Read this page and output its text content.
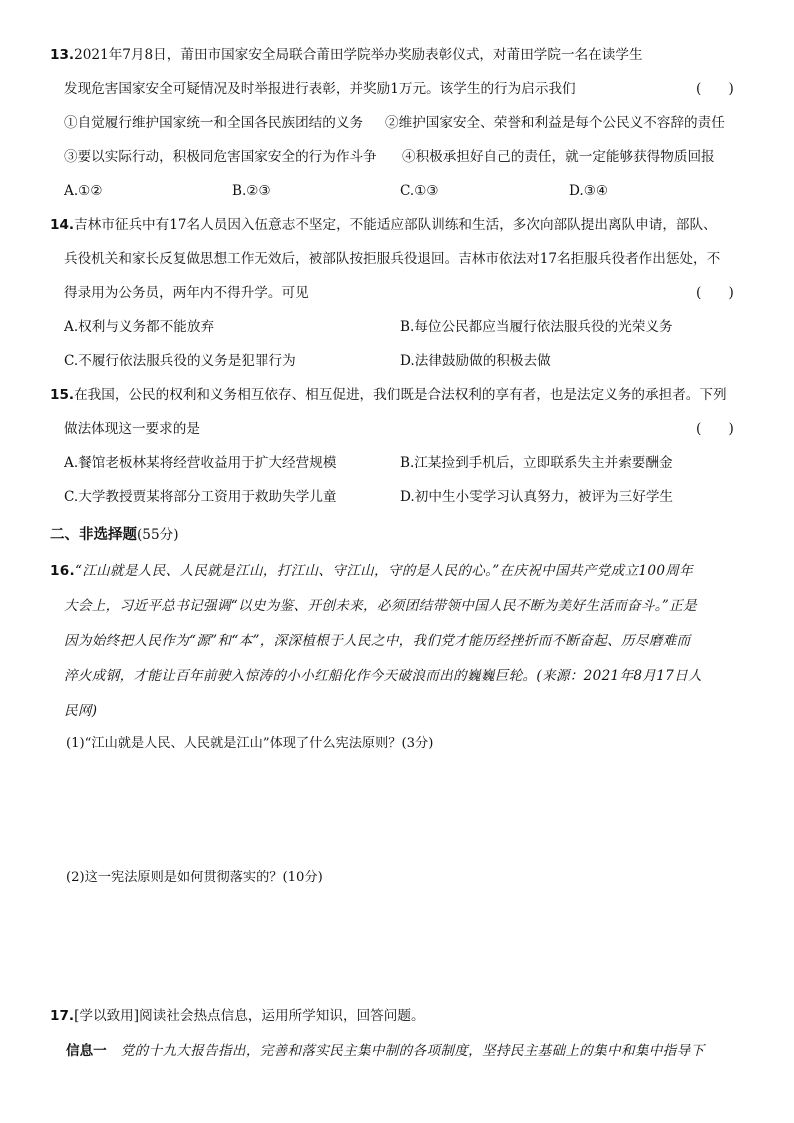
13.2021年7月8日，莆田市国家安全局联合莆田学院举办奖励表彰仪式，对莆田学院一名在读学生
发现危害国家安全可疑情况及时举报进行表彰，并奖励1万元。该学生的行为启示我们	(　　)
①自觉履行维护国家统一和全国各民族团结的义务 ②维护国家安全、荣誉和利益是每个公民义不容辞的责任
③要以实际行动，积极同危害国家安全的行为作斗争 ④积极承担好自己的责任，就一定能够获得物质回报
A.①②	B.②③	C.①③	D.③④
14.吉林市征兵中有17名人员因入伍意志不坚定，不能适应部队训练和生活，多次向部队提出离队申请，部队、
兵役机关和家长反复做思想工作无效后，被部队按拒服兵役退回。吉林市依法对17名拒服兵役者作出惩处，不
得录用为公务员，两年内不得升学。可见	(　　)
A.权利与义务都不能放弃	B.每位公民都应当履行依法服兵役的光荣义务
C.不履行依法服兵役的义务是犯罪行为	D.法律鼓励做的积极去做
15.在我国，公民的权利和义务相互依存、相互促进，我们既是合法权利的享有者，也是法定义务的承担者。下列
做法体现这一要求的是	(　　)
A.餐馆老板林某将经营收益用于扩大经营规模	B.江某捡到手机后，立即联系失主并索要酬金
C.大学教授贾某将部分工资用于救助失学儿童	D.初中生小雯学习认真努力，被评为三好学生
二、非选择题(55分)
16.“江山就是人民、人民就是江山，打江山、守江山，守的是人民的心。”在庆祝中国共产党成立100周年
大会上，习近平总书记强调“以史为鉴、开创未来，必须团结带领中国人民不断为美好生活而奋斗。”正是
因为始终把人民作为“源”和“本”，深深植根于人民之中，我们党才能历经挫折而不断奋起、历尽磨难而
淬火成钢，才能让百年前驶入惊涛的小小红船化作今天破浪而出的巍巍巨轮。(来源：2021年8月17日人
民网)
(1)“江山就是人民、人民就是江山”体现了什么宪法原则？(3分)
(2)这一宪法原则是如何贯彻落实的？(10分)
17.[学以致用]阅读社会热点信息，运用所学知识，回答问题。
信息一 党的十九大报告指出，完善和落实民主集中制的各项制度，坚持民主基础上的集中和集中指导下
